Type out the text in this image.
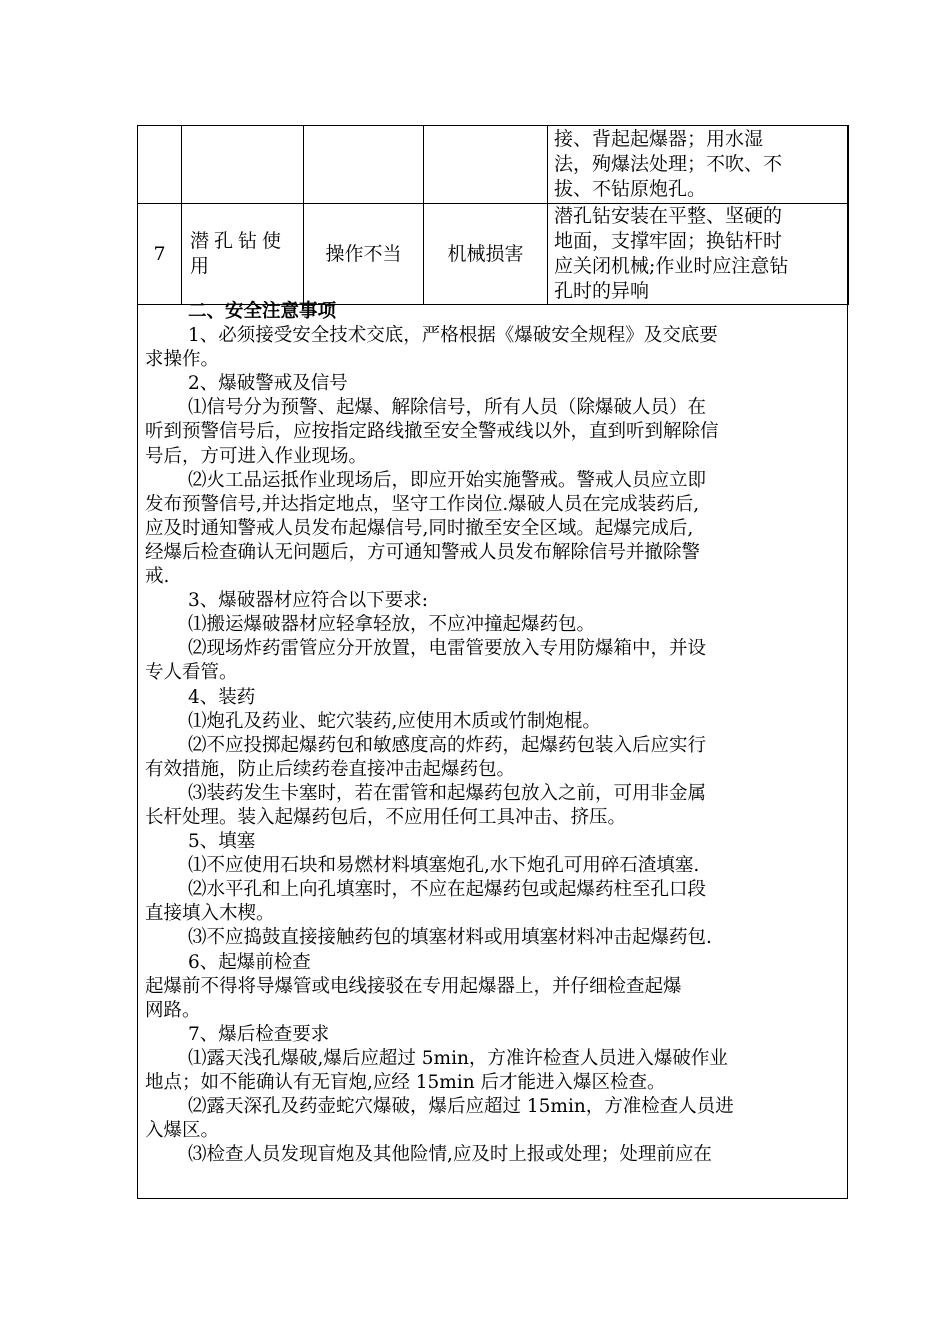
				接、背起起爆器；用水湿
法，殉爆法处理；不吹、不
拔、不钻原炮孔。

7	潜孔钻使用	操作不当	机械损害	潜孔钻安装在平整、坚硬的
地面，支撑牢固；换钻杆时
应关闭机械;作业时应注意钻
孔时的异响
二、安全注意事项
1、必须接受安全技术交底，严格根据《爆破安全规程》及交底要
求操作。
2、爆破警戒及信号
⑴信号分为预警、起爆、解除信号，所有人员（除爆破人员）在
听到预警信号后，应按指定路线撤至安全警戒线以外，直到听到解除信
号后，方可进入作业现场。
⑵火工品运抵作业现场后，即应开始实施警戒。警戒人员应立即
发布预警信号,并达指定地点，坚守工作岗位.爆破人员在完成装药后,
应及时通知警戒人员发布起爆信号,同时撤至安全区域。起爆完成后,
经爆后检查确认无问题后，方可通知警戒人员发布解除信号并撤除警
戒.
3、爆破器材应符合以下要求:
⑴搬运爆破器材应轻拿轻放，不应冲撞起爆药包。
⑵现场炸药雷管应分开放置，电雷管要放入专用防爆箱中，并设
专人看管。
4、装药
⑴炮孔及药业、蛇穴装药,应使用木质或竹制炮棍。
⑵不应投掷起爆药包和敏感度高的炸药，起爆药包装入后应实行
有效措施，防止后续药卷直接冲击起爆药包。
⑶装药发生卡塞时，若在雷管和起爆药包放入之前，可用非金属
长杆处理。装入起爆药包后，不应用任何工具冲击、挤压。
5、填塞
⑴不应使用石块和易燃材料填塞炮孔,水下炮孔可用碎石渣填塞.
⑵水平孔和上向孔填塞时，不应在起爆药包或起爆药柱至孔口段
直接填入木楔。
⑶不应捣鼓直接接触药包的填塞材料或用填塞材料冲击起爆药包.
6、起爆前检查
起爆前不得将导爆管或电线接驳在专用起爆器上，并仔细检查起爆
网路。
7、爆后检查要求
⑴露天浅孔爆破,爆后应超过 5min，方准许检查人员进入爆破作业
地点；如不能确认有无盲炮,应经 15min 后才能进入爆区检查。
⑵露天深孔及药壶蛇穴爆破，爆后应超过 15min，方准检查人员进
入爆区。
⑶检查人员发现盲炮及其他险情,应及时上报或处理；处理前应在
